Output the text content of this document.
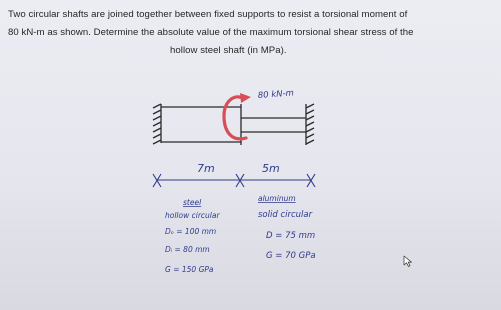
Two circular shafts are joined together between fixed supports to resist a torsional moment of
80 kN-m as shown. Determine the absolute value of the maximum torsional shear stress of the
hollow steel shaft (in MPa).
80 kN-m
7m	5m
steel
hollow circular
Dₒ = 100 mm
Dᵢ = 80 mm
G = 150 GPa
aluminum
solid circular
D = 75 mm
G = 70 GPa
